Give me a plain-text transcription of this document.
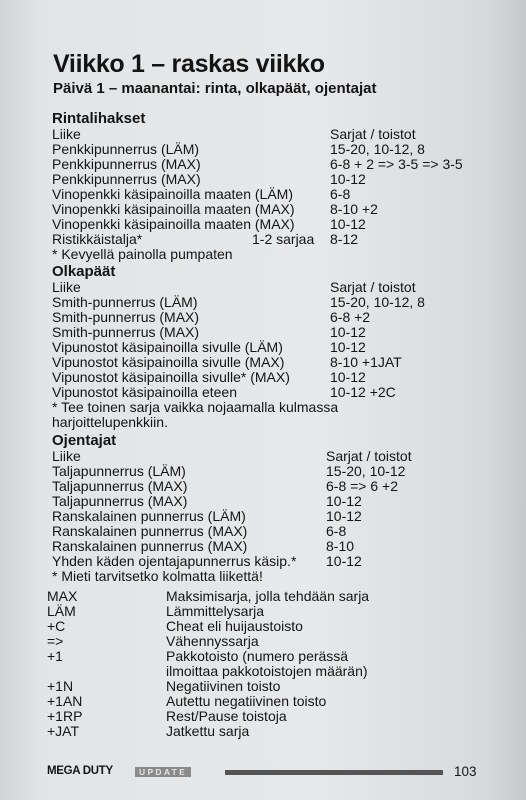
Viikko 1 – raskas viikko
Päivä 1 – maanantai: rinta, olkapäät, ojentajat
Rintalihakset
Liike	Sarjat / toistot
Penkkipunnerrus (LÄM)	15-20, 10-12, 8
Penkkipunnerrus (MAX)	6-8 + 2 => 3-5 => 3-5
Penkkipunnerrus (MAX)	10-12
Vinopenkki käsipainoilla maaten (LÄM)	6-8
Vinopenkki käsipainoilla maaten (MAX)	8-10 +2
Vinopenkki käsipainoilla maaten (MAX)	10-12
Ristikkäistalja*	1-2 sarjaa 8-12
* Kevyellä painolla pumpaten
Olkapäät
Liike	Sarjat / toistot
Smith-punnerrus (LÄM)	15-20, 10-12, 8
Smith-punnerrus (MAX)	6-8 +2
Smith-punnerrus (MAX)	10-12
Vipunostot käsipainoilla sivulle (LÄM)	10-12
Vipunostot käsipainoilla sivulle (MAX)	8-10 +1JAT
Vipunostot käsipainoilla sivulle* (MAX)	10-12
Vipunostot käsipainoilla eteen	10-12 +2C
* Tee toinen sarja vaikka nojaamalla kulmassa
harjoittelupenkkiin.
Ojentajat
Liike	Sarjat / toistot
Taljapunnerrus (LÄM)	15-20, 10-12
Taljapunnerrus (MAX)	6-8 => 6 +2
Taljapunnerrus (MAX)	10-12
Ranskalainen punnerrus (LÄM)	10-12
Ranskalainen punnerrus (MAX)	6-8
Ranskalainen punnerrus (MAX)	8-10
Yhden käden ojentajapunnerrus käsip.* 10-12
* Mieti tarvitsetko kolmatta liikettä!
MAX	Maksimisarja, jolla tehdään sarja
LÄM	Lämmittelysarja
+C	Cheat eli huijaustoisto
=>	Vähennyssarja
+1	Pakkotoisto (numero perässä
ilmoittaa pakkotoistojen määrän)
+1N	Negatiivinen toisto
+1AN	Autettu negatiivinen toisto
+1RP	Rest/Pause toistoja
+JAT	Jatkettu sarja
MEGA DUTY	UPDATE	103
